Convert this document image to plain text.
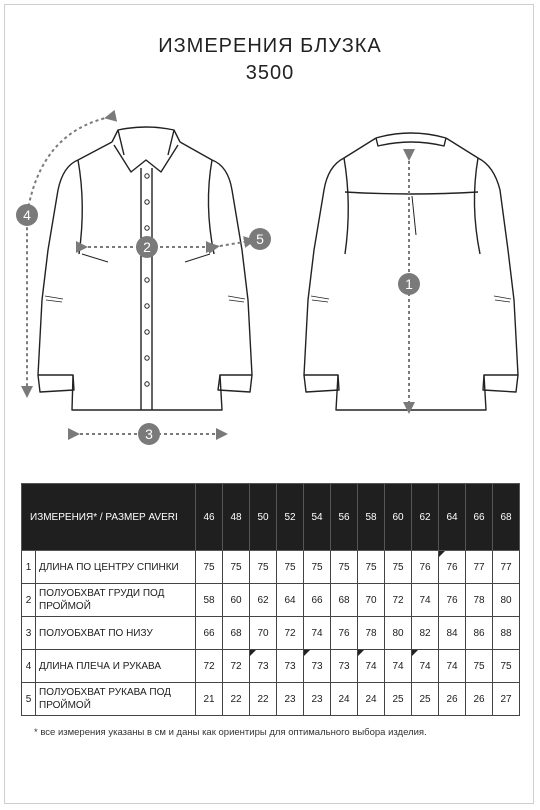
ИЗМЕРЕНИЯ БЛУЗКА
3500
1
2
3
4
5
ИЗМЕРЕНИЯ* / РАЗМЕР AVERI		46	48	50	52	54	56	58	60	62	64	66	68
1	ДЛИНА ПО ЦЕНТРУ СПИНКИ	75	75	75	75	75	75	75	75	76	76	77	77
2	ПОЛУОБХВАТ ГРУДИ ПОД ПРОЙМОЙ	58	60	62	64	66	68	70	72	74	76	78	80
3	ПОЛУОБХВАТ ПО НИЗУ	66	68	70	72	74	76	78	80	82	84	86	88
4	ДЛИНА ПЛЕЧА И РУКАВА	72	72	73	73	73	73	74	74	74	74	75	75
5	ПОЛУОБХВАТ РУКАВА ПОД ПРОЙМОЙ	21	22	22	23	23	24	24	25	25	26	26	27
* все измерения указаны в см и даны как ориентиры для оптимального выбора изделия.
